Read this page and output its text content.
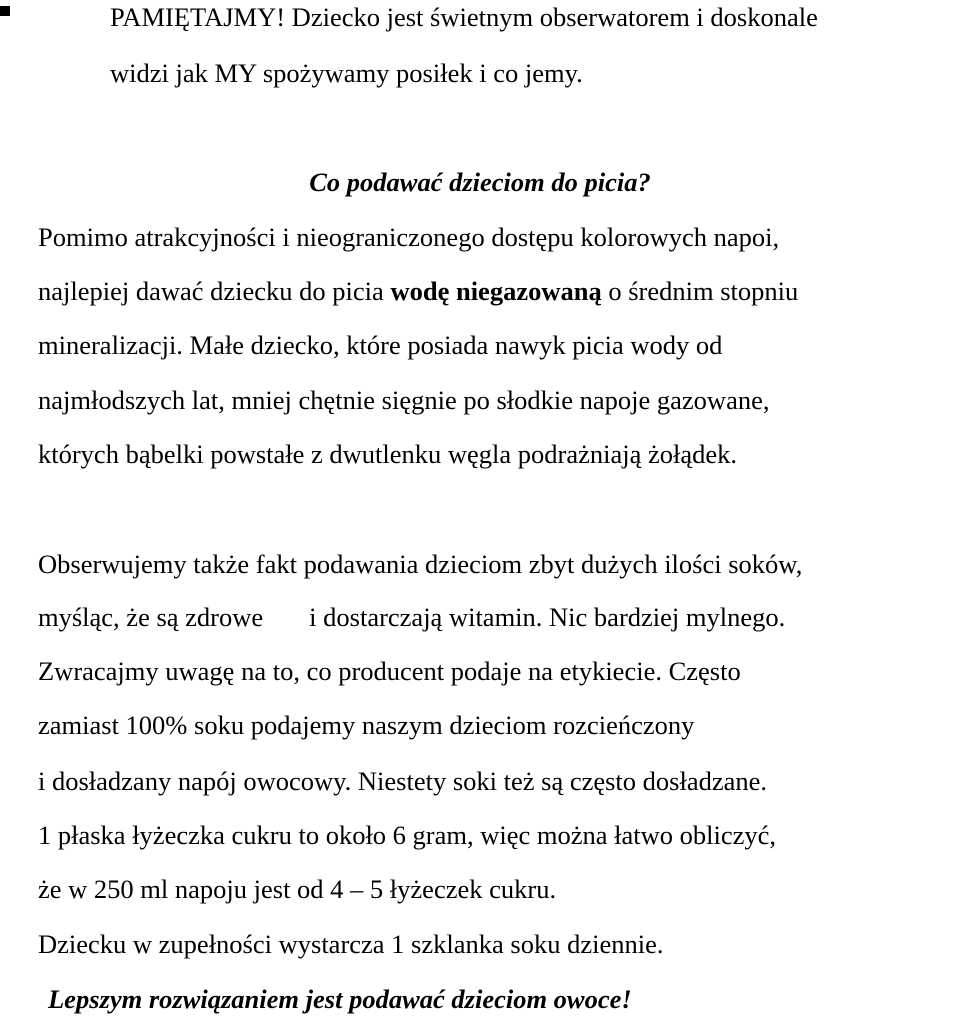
PAMIĘTAJMY! Dziecko jest świetnym obserwatorem i doskonale
widzi jak MY spożywamy posiłek i co jemy.
Co podawać dzieciom do picia?
Pomimo atrakcyjności i nieograniczonego dostępu kolorowych napoi,
najlepiej dawać dziecku do picia wodę niegazowaną o średnim stopniu
mineralizacji. Małe dziecko, które posiada nawyk picia wody od
najmłodszych lat, mniej chętnie sięgnie po słodkie napoje gazowane,
których bąbelki powstałe z dwutlenku węgla podrażniają żołądek.
Obserwujemy także fakt podawania dzieciom zbyt dużych ilości soków,
myśląc, że są zdrowe i dostarczają witamin. Nic bardziej mylnego.
Zwracajmy uwagę na to, co producent podaje na etykiecie. Często
zamiast 100% soku podajemy naszym dzieciom rozcieńczony
i dosładzany napój owocowy. Niestety soki też są często dosładzane.
1 płaska łyżeczka cukru to około 6 gram, więc można łatwo obliczyć,
że w 250 ml napoju jest od 4 – 5 łyżeczek cukru.
Dziecku w zupełności wystarcza 1 szklanka soku dziennie.
Lepszym rozwiązaniem jest podawać dzieciom owoce!
